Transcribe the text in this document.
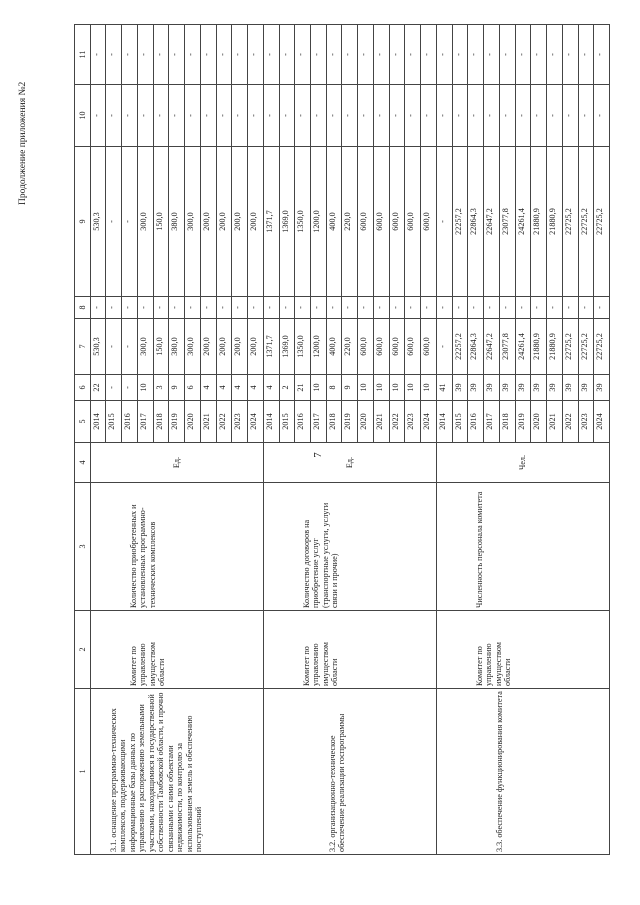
7
Продолжение приложения №2
1	2	3	4	5	6	7	8	9	10	11
3.1. оснащение программно-технических комплексов, поддерживающими информационные базы данных по управлению и распоряжению земельными участками, находящимися в государственной собственности Тамбовской области, и прочно связанными с ними объектами недвижимости, по контролю за использованием земель и обеспечению поступлений	Комитет по управлению имуществом области	Количество приобретенных и установленных программно-технических комплексов	Ед.	2014	22	530,3	-	530,3	-	-
				2015	-	-	-	-	-	-
				2016	-	-	-	-	-	-
				2017	10	300,0	-	300,0	-	-
				2018	3	150,0	-	150,0	-	-
				2019	9	380,0	-	380,0	-	-
				2020	6	300,0	-	300,0	-	-
				2021	4	200,0	-	200,0	-	-
				2022	4	200,0	-	200,0	-	-
				2023	4	200,0	-	200,0	-	-
				2024	4	200,0	-	200,0	-	-
3.2. организационно-техническое обеспечение реализации госпрограммы	Комитет по управлению имуществом области	Количество договоров на приобретение услуг (транспортные услуги, услуги связи и прочие)	Ед.	2014	4	1371,7	-	1371,7	-	-
				2015	2	1369,0	-	1369,0	-	-
				2016	21	1350,0	-	1350,0	-	-
				2017	10	1200,0	-	1200,0	-	-
				2018	8	400,0	-	400,0	-	-
				2019	9	220,0	-	220,0	-	-
				2020	10	600,0	-	600,0	-	-
				2021	10	600,0	-	600,0	-	-
				2022	10	600,0	-	600,0	-	-
				2023	10	600,0	-	600,0	-	-
				2024	10	600,0	-	600,0	-	-
3.3. обеспечение функционирования комитета	Комитет по управлению имуществом области	Численность персонала комитета	Чел.	2014	41	-	-	-	-	-
				2015	39	22257,2	-	22257,2	-	-
				2016	39	22864,3	-	22864,3	-	-
				2017	39	22647,2	-	22647,2	-	-
				2018	39	23077,8	-	23077,8	-	-
				2019	39	24261,4	-	24261,4	-	-
				2020	39	21880,9	-	21880,9	-	-
				2021	39	21880,9	-	21880,9	-	-
				2022	39	22725,2	-	22725,2	-	-
				2023	39	22725,2	-	22725,2	-	-
				2024	39	22725,2	-	22725,2	-	-
